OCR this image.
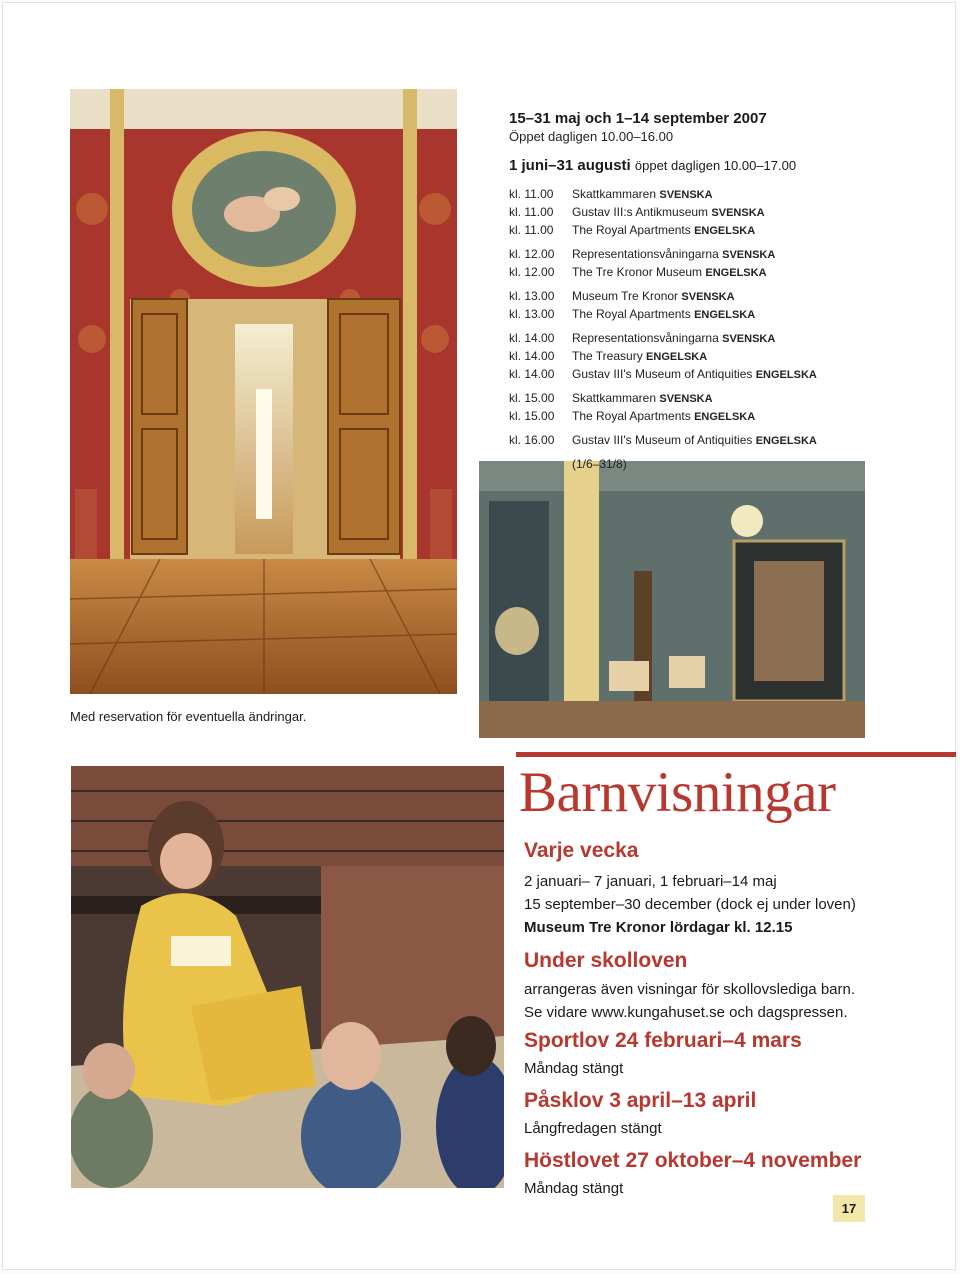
15–31 maj och 1–14 september 2007
Öppet dagligen 10.00–16.00
1 juni–31 augusti öppet dagligen 10.00–17.00
kl. 11.00	Skattkammaren SVENSKA
kl. 11.00	Gustav III:s Antikmuseum SVENSKA
kl. 11.00	The Royal Apartments ENGELSKA
kl. 12.00	Representationsvåningarna SVENSKA
kl. 12.00	The Tre Kronor Museum ENGELSKA
kl. 13.00	Museum Tre Kronor SVENSKA
kl. 13.00	The Royal Apartments ENGELSKA
kl. 14.00	Representationsvåningarna SVENSKA
kl. 14.00	The Treasury ENGELSKA
kl. 14.00	Gustav III's Museum of Antiquities ENGELSKA
kl. 15.00	Skattkammaren SVENSKA
kl. 15.00	The Royal Apartments ENGELSKA
kl. 16.00	Gustav III's Museum of Antiquities ENGELSKA
(1/6–31/8)
Med reservation för eventuella ändringar.
Barnvisningar
Varje vecka
2 januari– 7 januari, 1 februari–14 maj
15 september–30 december (dock ej under loven)
Museum Tre Kronor lördagar kl. 12.15
Under skolloven
arrangeras även visningar för skollovslediga barn.
Se vidare www.kungahuset.se och dagspressen.
Sportlov 24 februari–4 mars
Måndag stängt
Påsklov 3 april–13 april
Långfredagen stängt
Höstlovet 27 oktober–4 november
Måndag stängt
17
